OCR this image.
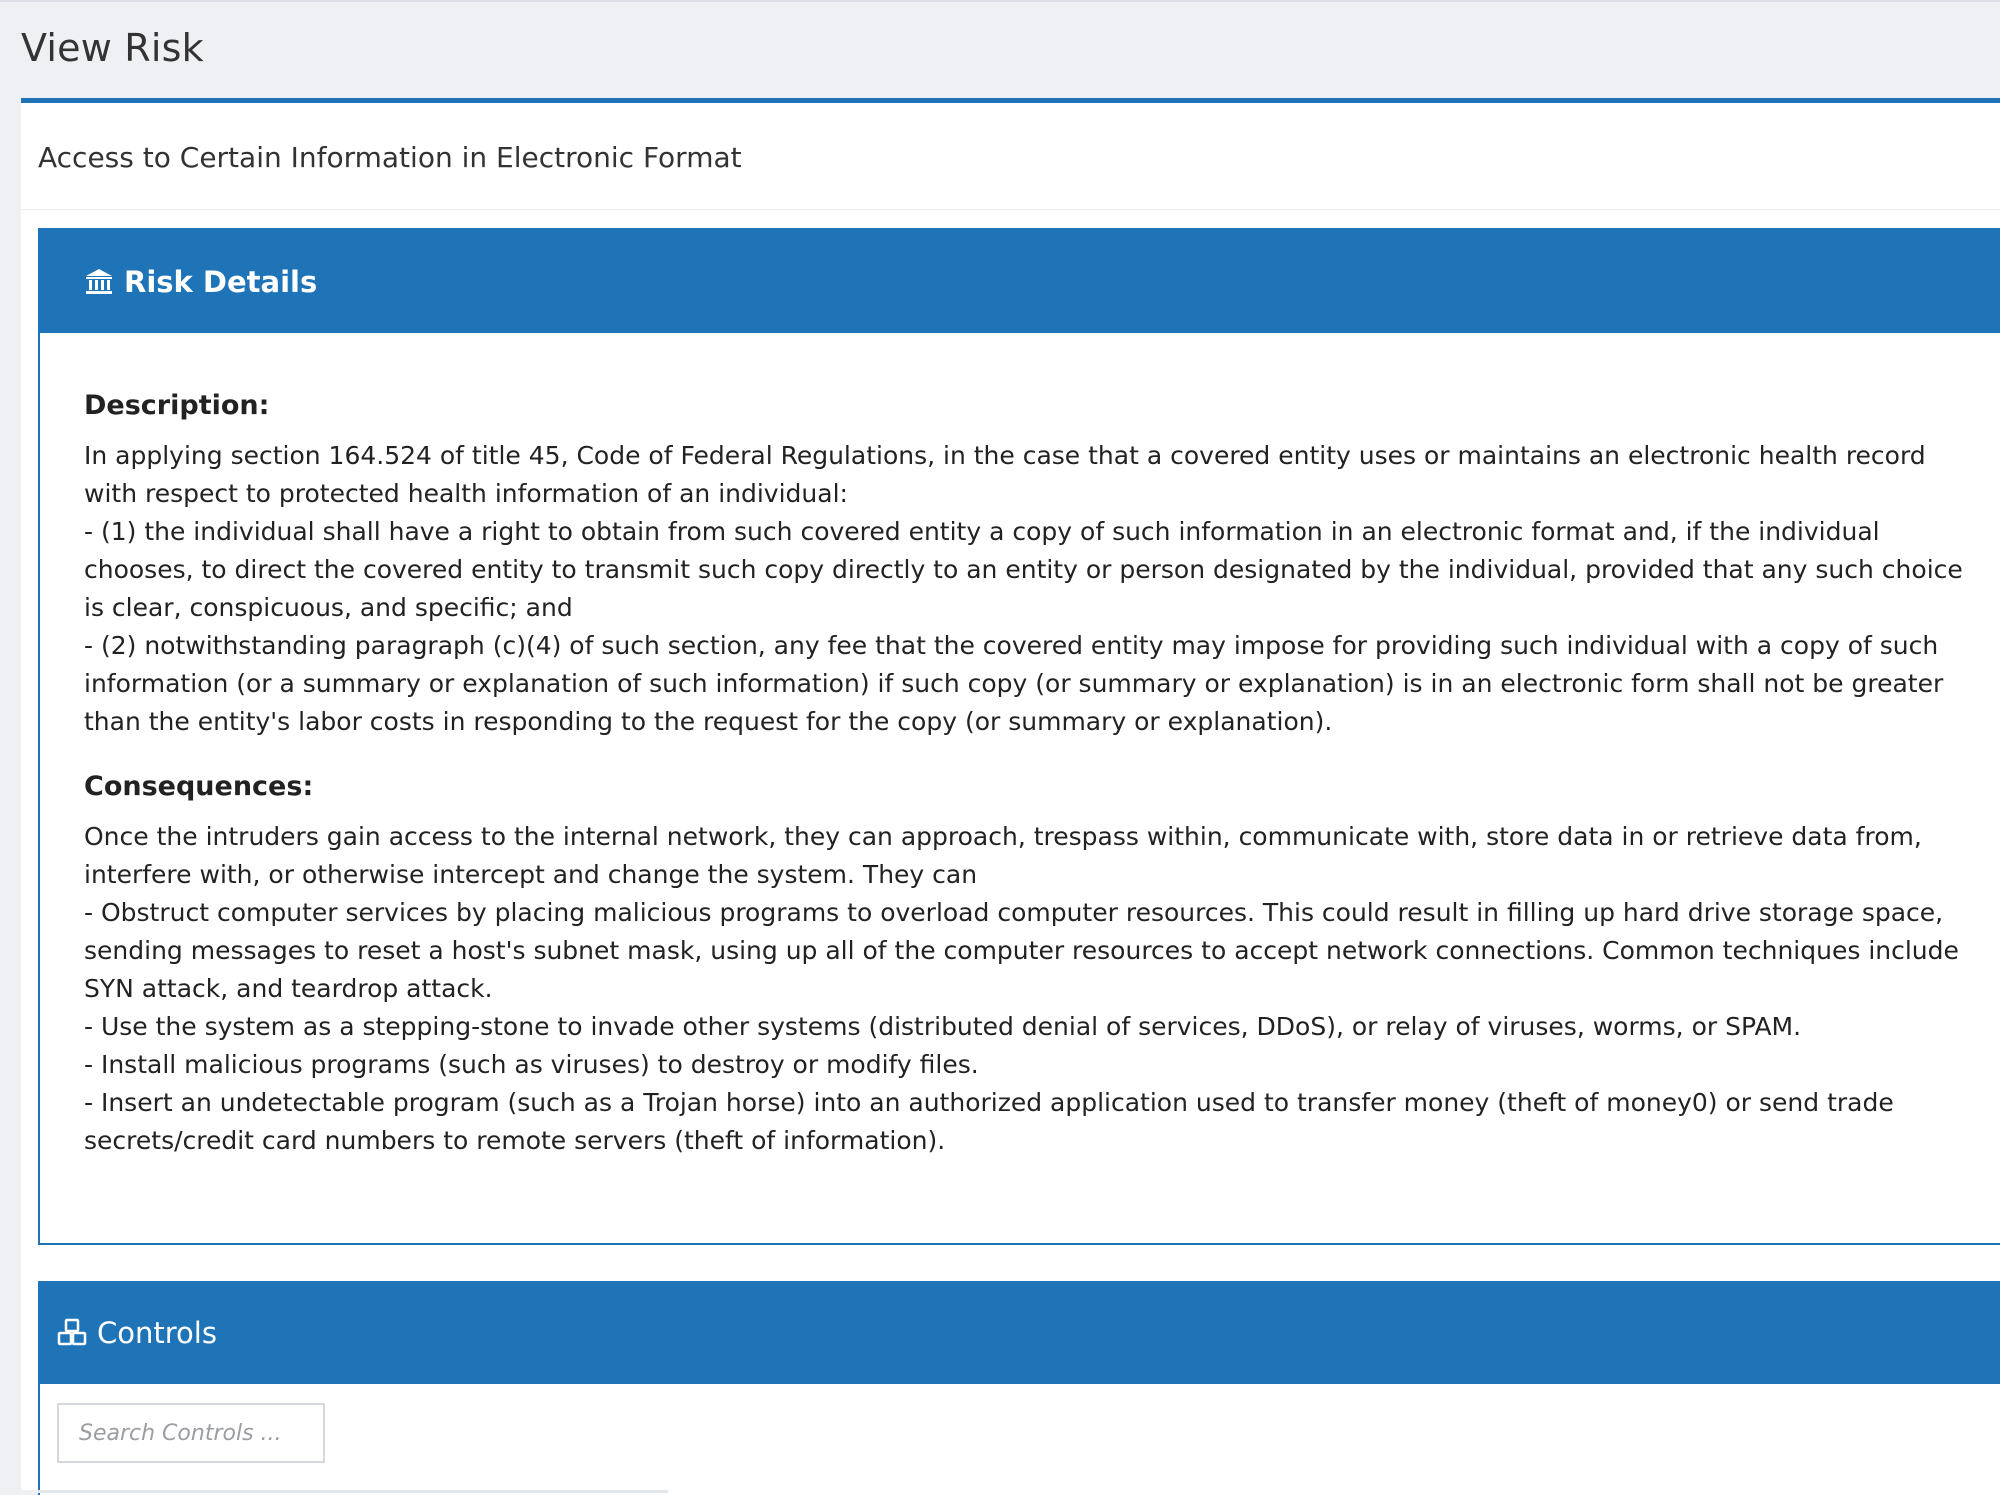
View Risk
Access to Certain Information in Electronic Format
Risk Details
Description:
In applying section 164.524 of title 45, Code of Federal Regulations, in the case that a covered entity uses or maintains an electronic health record with respect to protected health information of an individual:
- (1) the individual shall have a right to obtain from such covered entity a copy of such information in an electronic format and, if the individual chooses, to direct the covered entity to transmit such copy directly to an entity or person designated by the individual, provided that any such choice is clear, conspicuous, and specific; and
- (2) notwithstanding paragraph (c)(4) of such section, any fee that the covered entity may impose for providing such individual with a copy of such information (or a summary or explanation of such information) if such copy (or summary or explanation) is in an electronic form shall not be greater than the entity's labor costs in responding to the request for the copy (or summary or explanation).
Consequences:
Once the intruders gain access to the internal network, they can approach, trespass within, communicate with, store data in or retrieve data from, interfere with, or otherwise intercept and change the system. They can
- Obstruct computer services by placing malicious programs to overload computer resources. This could result in filling up hard drive storage space, sending messages to reset a host's subnet mask, using up all of the computer resources to accept network connections. Common techniques include SYN attack, and teardrop attack.
- Use the system as a stepping-stone to invade other systems (distributed denial of services, DDoS), or relay of viruses, worms, or SPAM.
- Install malicious programs (such as viruses) to destroy or modify files.
- Insert an undetectable program (such as a Trojan horse) into an authorized application used to transfer money (theft of money0) or send trade secrets/credit card numbers to remote servers (theft of information).
Controls
Search Controls ...
